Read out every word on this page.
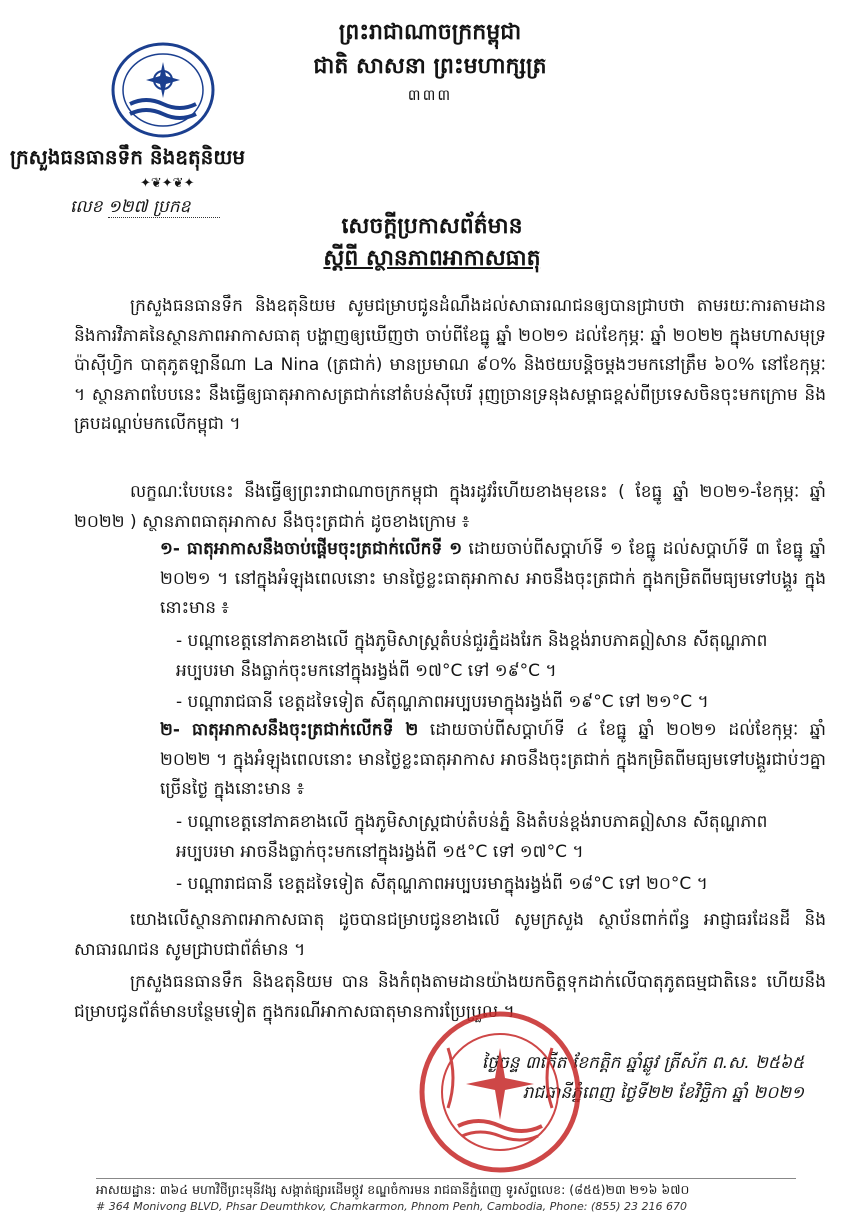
ព្រះរាជាណាចក្រកម្ពុជា
ជាតិ សាសនា ព្រះមហាក្សត្រ
៣៣៣
ក្រសួងធនធានទឹក និងឧតុនិយម
✦❦✦❦✦
លេខ ១២៧ ប្រកឧ
សេចក្តីប្រកាសព័ត៌មាន
ស្តីពី ស្ថានភាពអាកាសធាតុ
ក្រសួងធនធានទឹក និងឧតុនិយម សូមជម្រាបជូនដំណឹងដល់សាធារណជនឲ្យបានជ្រាបថា តាមរយៈការតាមដាន និងការវិភាគនៃស្ថានភាពអាកាសធាតុ បង្ហាញឲ្យឃើញថា ចាប់ពីខែធ្នូ ឆ្នាំ ២០២១ ដល់ខែកុម្ភៈ ឆ្នាំ ២០២២ ក្នុងមហាសមុទ្រប៉ាស៊ីហ្វិក បាតុភូតឡានីណា La Nina (ត្រជាក់) មានប្រមាណ ៩០% និងថយបន្តិចម្តងៗមកនៅត្រឹម ៦០% នៅខែកុម្ភៈ ។ ស្ថានភាពបែបនេះ នឹងធ្វើឲ្យធាតុអាកាសត្រជាក់នៅតំបន់ស៊ីបេរី រុញច្រានទ្រនុងសម្ពាធខ្ពស់ពីប្រទេសចិនចុះមកក្រោម និងគ្របដណ្តប់មកលើកម្ពុជា ។
លក្ខណៈបែបនេះ នឹងធ្វើឲ្យព្រះរាជាណាចក្រកម្ពុជា ក្នុងរដូវរំហើយខាងមុខនេះ ( ខែធ្នូ ឆ្នាំ ២០២១-ខែកុម្ភៈ ឆ្នាំ ២០២២ ) ស្ថានភាពធាតុអាកាស នឹងចុះត្រជាក់ ដូចខាងក្រោម ៖
១- ធាតុអាកាសនឹងចាប់ផ្តើមចុះត្រជាក់លើកទី ១ ដោយចាប់ពីសប្តាហ៍ទី ១ ខែធ្នូ ដល់សប្តាហ៍ទី ៣ ខែធ្នូ ឆ្នាំ ២០២១ ។ នៅក្នុងអំឡុងពេលនោះ មានថ្ងៃខ្លះធាតុអាកាស អាចនឹងចុះត្រជាក់ ក្នុងកម្រិតពីមធ្យមទៅបង្គួរ ក្នុងនោះមាន ៖
- បណ្តាខេត្តនៅភាគខាងលើ ក្នុងភូមិសាស្ត្រតំបន់ជួរភ្នំដងរែក និងខ្ពង់រាបភាគឦសាន សីតុណ្ហភាពអប្បបរមា នឹងធ្លាក់ចុះមកនៅក្នុងរង្វង់ពី ១៧°C ទៅ ១៩°C ។
- បណ្តារាជធានី ខេត្តដទៃទៀត សីតុណ្ហភាពអប្បបរមាក្នុងរង្វង់ពី ១៩°C ទៅ ២១°C ។
២- ធាតុអាកាសនឹងចុះត្រជាក់លើកទី ២ ដោយចាប់ពីសប្តាហ៍ទី ៤ ខែធ្នូ ឆ្នាំ ២០២១ ដល់ខែកុម្ភៈ ឆ្នាំ ២០២២ ។ ក្នុងអំឡុងពេលនោះ មានថ្ងៃខ្លះធាតុអាកាស អាចនឹងចុះត្រជាក់ ក្នុងកម្រិតពីមធ្យមទៅបង្គួរជាប់ៗគ្នាច្រើនថ្ងៃ ក្នុងនោះមាន ៖
- បណ្តាខេត្តនៅភាគខាងលើ ក្នុងភូមិសាស្ត្រជាប់តំបន់ភ្នំ និងតំបន់ខ្ពង់រាបភាគឦសាន សីតុណ្ហភាពអប្បបរមា អាចនឹងធ្លាក់ចុះមកនៅក្នុងរង្វង់ពី ១៥°C ទៅ ១៧°C ។
- បណ្តារាជធានី ខេត្តដទៃទៀត សីតុណ្ហភាពអប្បបរមាក្នុងរង្វង់ពី ១៨°C ទៅ ២០°C ។
យោងលើស្ថានភាពអាកាសធាតុ ដូចបានជម្រាបជូនខាងលើ សូមក្រសួង ស្ថាប័នពាក់ព័ន្ធ អាជ្ញាធរដែនដី និងសាធារណជន សូមជ្រាបជាព័ត៌មាន ។
ក្រសួងធនធានទឹក និងឧតុនិយម បាន និងកំពុងតាមដានយ៉ាងយកចិត្តទុកដាក់លើបាតុភូតធម្មជាតិនេះ ហើយនឹងជម្រាបជូនព័ត៌មានបន្ថែមទៀត ក្នុងករណីអាកាសធាតុមានការប្រែប្រួល ។
ថ្ងៃចន្ទ ៣កើត ខែកត្តិក ឆ្នាំឆ្លូវ ត្រីស័ក ព.ស. ២៥៦៥
រាជធានីភ្នំពេញ ថ្ងៃទី២២ ខែវិច្ឆិកា ឆ្នាំ ២០២១
អាសយដ្ឋាន: ៣៦៤ មហាវិថីព្រះមុនីវង្ស សង្កាត់ផ្សារដើមថ្កូវ ខណ្ឌចំការមន រាជធានីភ្នំពេញ ទូរស័ព្ទលេខ: (៨៥៥)២៣ ២១៦ ៦៧០
# 364 Monivong BLVD, Phsar Deumthkov, Chamkarmon, Phnom Penh, Cambodia, Phone: (855) 23 216 670
